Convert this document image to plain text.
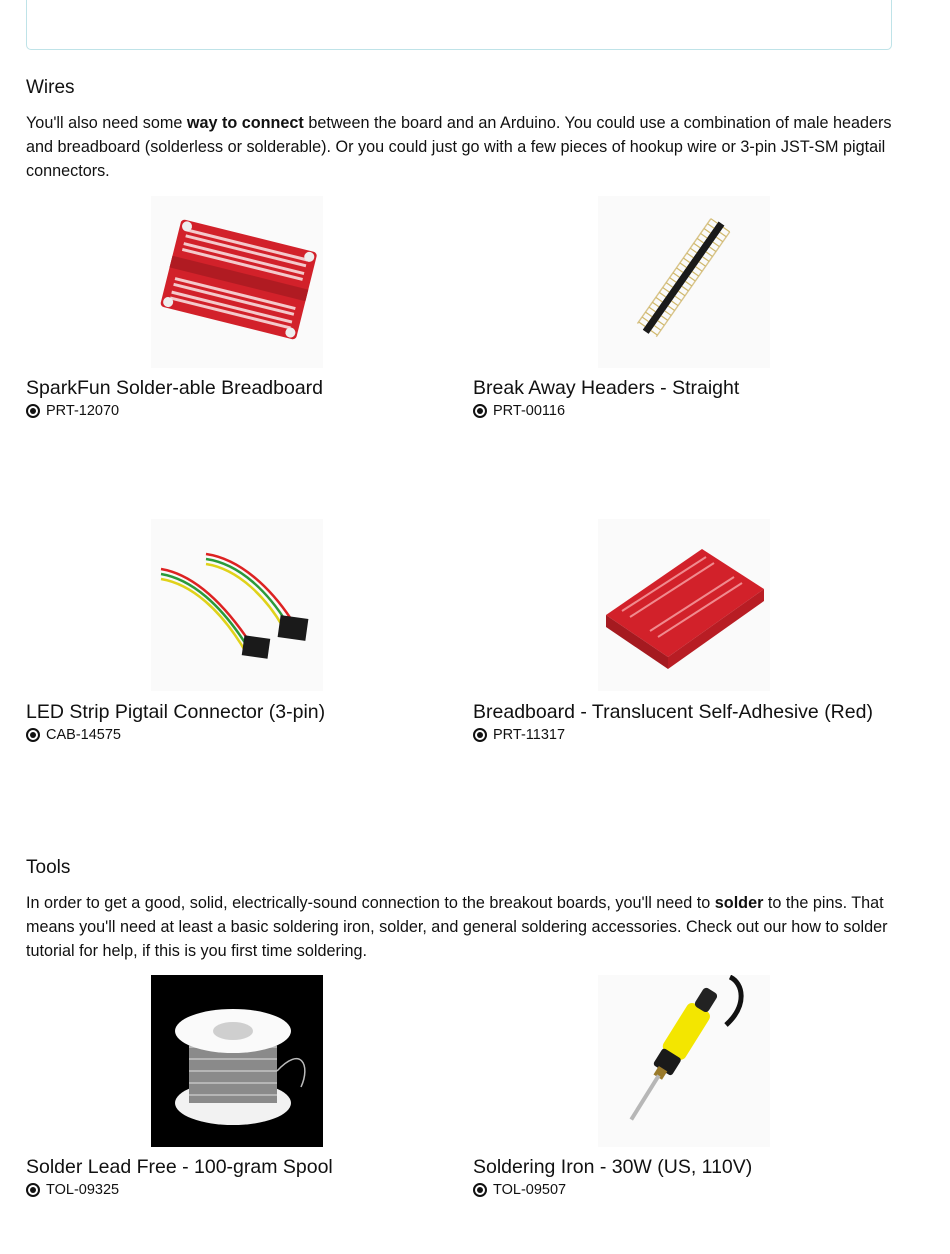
Wires

You'll also need some way to connect between the board and an Arduino. You could use a combination of male headers and breadboard (solderless or solderable). Or you could just go with a few pieces of hookup wire or 3-pin JST-SM pigtail connectors.

SparkFun Solder-able Breadboard
PRT-12070
Break Away Headers - Straight
PRT-00116
LED Strip Pigtail Connector (3-pin)
CAB-14575
Breadboard - Translucent Self-Adhesive (Red)
PRT-11317
Tools

In order to get a good, solid, electrically-sound connection to the breakout boards, you'll need to solder to the pins. That means you'll need at least a basic soldering iron, solder, and general soldering accessories. Check out our how to solder tutorial for help, if this is you first time soldering.

Solder Lead Free - 100-gram Spool
TOL-09325
Soldering Iron - 30W (US, 110V)
TOL-09507
